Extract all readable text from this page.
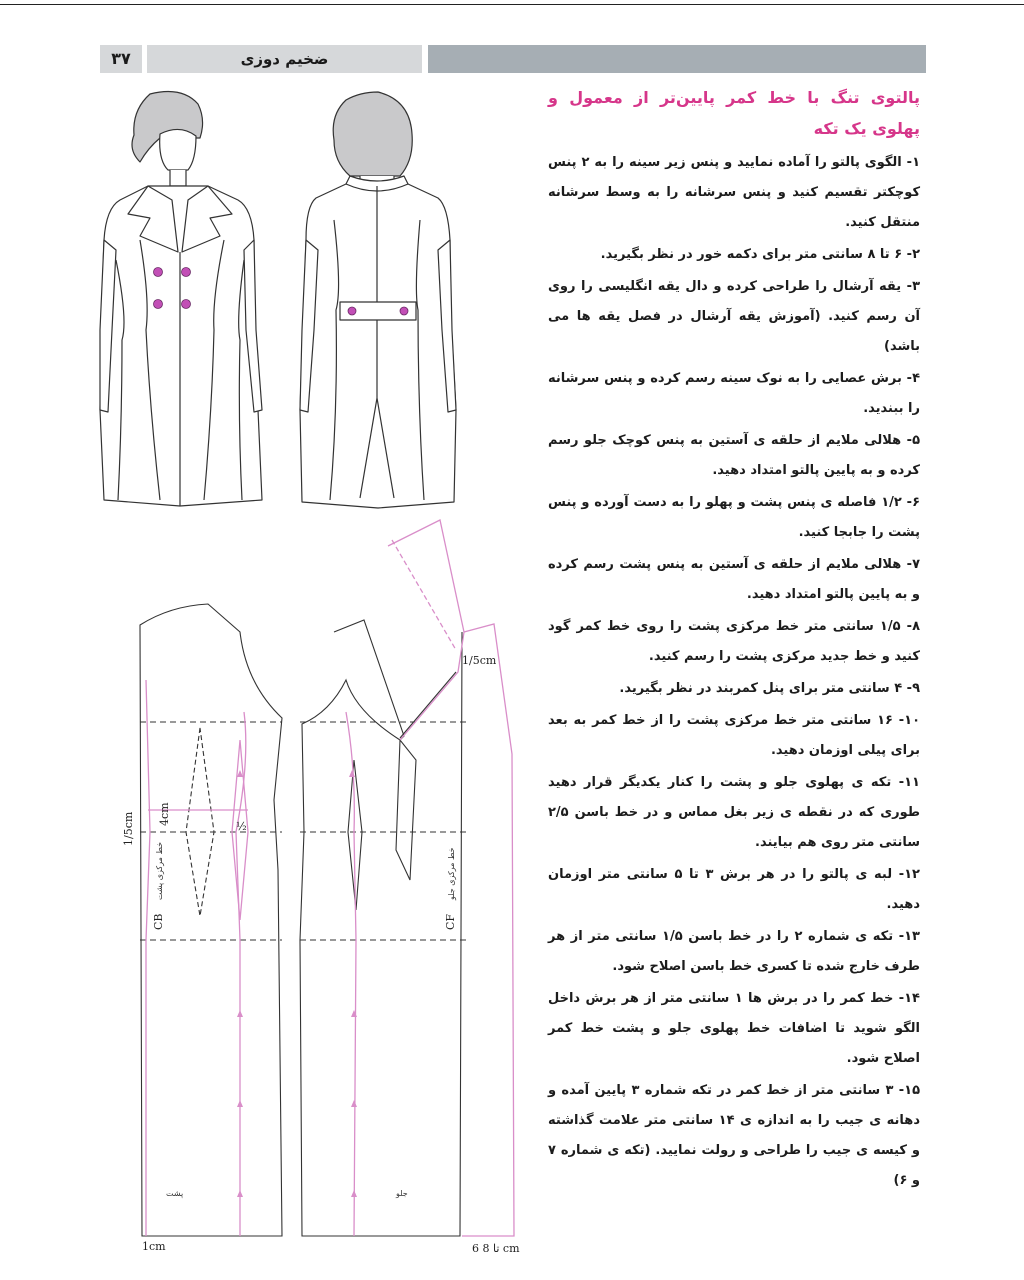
۳۷	ضخیم دوزی
پالتوی تنگ با خط کمر پایین‌تر از معمول و پهلوی یک تکه
۱- الگوی پالتو را آماده نمایید و پنس زیر سینه را به ۲ پنس کوچکتر تقسیم کنید و پنس سرشانه را به وسط سرشانه منتقل کنید.
۲- ۶ تا ۸ سانتی متر برای دکمه خور در نظر بگیرید.
۳- یقه آرشال را طراحی کرده و دال یقه انگلیسی را روی آن رسم کنید. (آموزش یقه آرشال در فصل یقه ها می باشد)
۴- برش عصایی را به نوک سینه رسم کرده و پنس سرشانه را ببندید.
۵- هلالی ملایم از حلقه ی آستین به پنس کوچک جلو رسم کرده و به پایین پالتو امتداد دهید.
۶- ۱/۲ فاصله ی پنس پشت و پهلو را به دست آورده و پنس پشت را جابجا کنید.
۷- هلالی ملایم از حلقه ی آستین به پنس پشت رسم کرده و به پایین پالتو امتداد دهید.
۸- ۱/۵ سانتی متر خط مرکزی پشت را روی خط کمر گود کنید و خط جدید مرکزی پشت را رسم کنید.
۹- ۴ سانتی متر برای پنل کمربند در نظر بگیرید.
۱۰- ۱۶ سانتی متر خط مرکزی پشت را از خط کمر به بعد برای پیلی اوزمان دهید.
۱۱- تکه ی پهلوی جلو و پشت را کنار یکدیگر قرار دهید طوری که در نقطه ی زیر بغل مماس و در خط باسن ۲/۵ سانتی متر روی هم بیایند.
۱۲- لبه ی پالتو را در هر برش ۳ تا ۵ سانتی متر اوزمان دهید.
۱۳- تکه ی شماره ۲ را در خط باسن ۱/۵ سانتی متر از هر طرف خارج شده تا کسری خط باسن اصلاح شود.
۱۴- خط کمر را در برش ها ۱ سانتی متر از هر برش داخل الگو شوید تا اضافات خط پهلوی جلو و پشت خط کمر اصلاح شود.
۱۵- ۳ سانتی متر از خط کمر در تکه شماره ۳ پایین آمده و دهانه ی جیب را به اندازه ی ۱۴ سانتی متر علامت گذاشته و کیسه ی جیب را طراحی و رولت نمایید. (تکه ی شماره ۷ و ۶)
CB
خط مرکزی پشت
CF
خط مرکزی جلو
پشت	جلو
1/5cm 4cm
½
1/5cm
1cm	6 تا 8 cm
